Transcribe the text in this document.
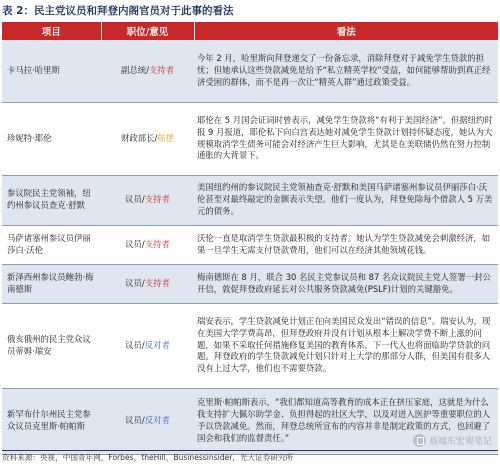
表 2：民主党议员和拜登内阁官员对于此事的看法
项目	职位/意见	看法
卡马拉·哈里斯	副总统/支持者	今年 2 月，哈里斯向拜登递交了一份备忘录，消除拜登对于减免学生贷款的担忧；但她承认这些贷款减免是给予“私立精英学校”受益，如何能够帮助到真正经济受困的群体，而不是再一次让“精英人群”通过政策受益。
珍妮特·耶伦	财政部长/摇摆	耶伦在 5 月国会证词时曾表示，减免学生贷款将“有利于美国经济”。但据纽约时报 9 月报道，耶伦私下向白宫表达她对减免学生贷款计划持怀疑态度，她认为大规模取消学生债务可能会对经济产生巨大影响，尤其是在美联储仍然在努力控制通胀的大背景下。
参议院民主党领袖，纽约州参议员查克·舒默	议员/支持者	美国纽约州的参议院民主党领袖查克·舒默和美国马萨诸塞州参议员伊丽莎白·沃伦甚至对最终敲定的金额表示失望。他们一度认为，拜登免除每个借款人 5 万美元的债务。
马萨诸塞州参议员伊丽莎白·沃伦	议员/支持者	沃伦一直是取消学生贷款最积极的支持者。她认为学生贷款减免会刺激经济，如果一旦学生无需支付贷款费用，他们可以在经济其他领域花钱。
新泽西州参议员鲍勃·梅南德斯	议员/支持者	梅南德斯在 8 月，联合 30 名民主党参议员和 87 名众议院民主党人签署一封公开信，敦促拜登政府延长对公共服务贷款减免(PSLF)计划的关键豁免。
俄亥俄州的民主党众议员蒂姆·瑞安	议员/反对者	瑞安表示，学生贷款减免计划正在向美国民众发出“错误的信息”。瑞安认为，现在美国大学学费高昂，但拜登政府并没有计划从根本上解决学费不断上涨的问题，如果不采取任何措施修复美国的教育体系，下一代人也将面临助学贷款的问题。拜登政府的学生贷款减免计划只针对上大学的那部分人群，但美国有很多人没有上过大学，他们也不需要贷款。
新罕布什尔州民主党参众议员克里斯·帕帕斯	议员/反对者	克里斯·帕帕斯表示，“我们都知道高等教育的成本正在挤压家庭，这就是为什么我支持扩大佩尔助学金、负担得起的社区大学，以及对进入医护等重要职位的人予以贷款减免。然而，拜登总统所宣布的内容并非是制定政策的方式，也回避了国会和我们的监督责任。”	高端东宏观笔记
资料来源：央视，中国青年网，Forbes，theHill，Businessinsider，光大证券研究所
